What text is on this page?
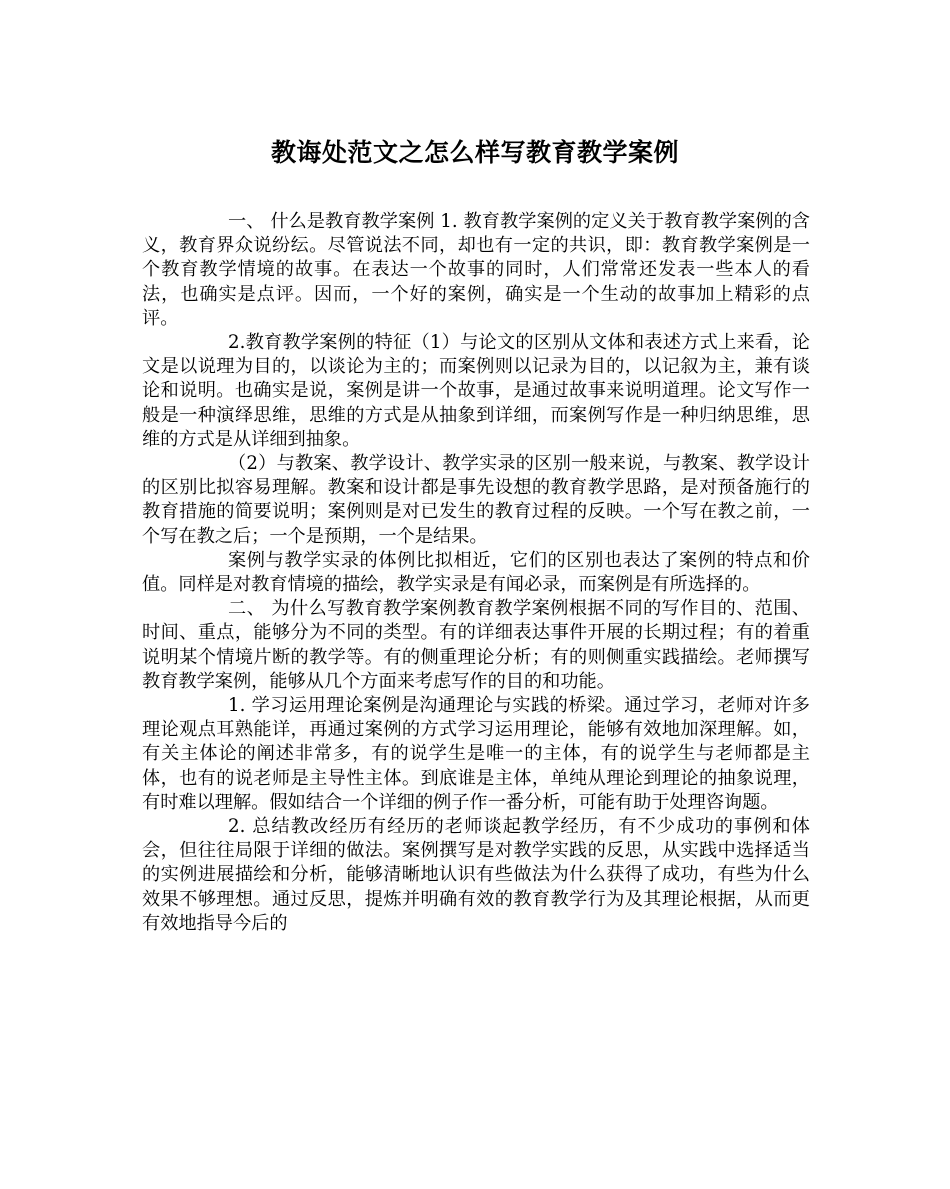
教诲处范文之怎么样写教育教学案例

一、 什么是教育教学案例 1. 教育教学案例的定义关于教育教学案例的含义，教育界众说纷纭。尽管说法不同，却也有一定的共识，即：教育教学案例是一个教育教学情境的故事。在表达一个故事的同时，人们常常还发表一些本人的看法，也确实是点评。因而，一个好的案例，确实是一个生动的故事加上精彩的点评。

2.教育教学案例的特征（1）与论文的区别从文体和表述方式上来看，论文是以说理为目的，以谈论为主的；而案例则以记录为目的，以记叙为主，兼有谈论和说明。也确实是说，案例是讲一个故事，是通过故事来说明道理。论文写作一般是一种演绎思维，思维的方式是从抽象到详细，而案例写作是一种归纳思维，思维的方式是从详细到抽象。

（2）与教案、教学设计、教学实录的区别一般来说，与教案、教学设计的区别比拟容易理解。教案和设计都是事先设想的教育教学思路，是对预备施行的教育措施的简要说明；案例则是对已发生的教育过程的反映。一个写在教之前，一个写在教之后；一个是预期，一个是结果。

案例与教学实录的体例比拟相近，它们的区别也表达了案例的特点和价值。同样是对教育情境的描绘，教学实录是有闻必录，而案例是有所选择的。

二、 为什么写教育教学案例教育教学案例根据不同的写作目的、范围、时间、重点，能够分为不同的类型。有的详细表达事件开展的长期过程；有的着重说明某个情境片断的教学等。有的侧重理论分析；有的则侧重实践描绘。老师撰写教育教学案例，能够从几个方面来考虑写作的目的和功能。

1. 学习运用理论案例是沟通理论与实践的桥梁。通过学习，老师对许多理论观点耳熟能详，再通过案例的方式学习运用理论，能够有效地加深理解。如，有关主体论的阐述非常多，有的说学生是唯一的主体，有的说学生与老师都是主体，也有的说老师是主导性主体。到底谁是主体，单纯从理论到理论的抽象说理，有时难以理解。假如结合一个详细的例子作一番分析，可能有助于处理咨询题。

2. 总结教改经历有经历的老师谈起教学经历，有不少成功的事例和体会，但往往局限于详细的做法。案例撰写是对教学实践的反思，从实践中选择适当的实例进展描绘和分析，能够清晰地认识有些做法为什么获得了成功，有些为什么效果不够理想。通过反思，提炼并明确有效的教育教学行为及其理论根据，从而更有效地指导今后的
